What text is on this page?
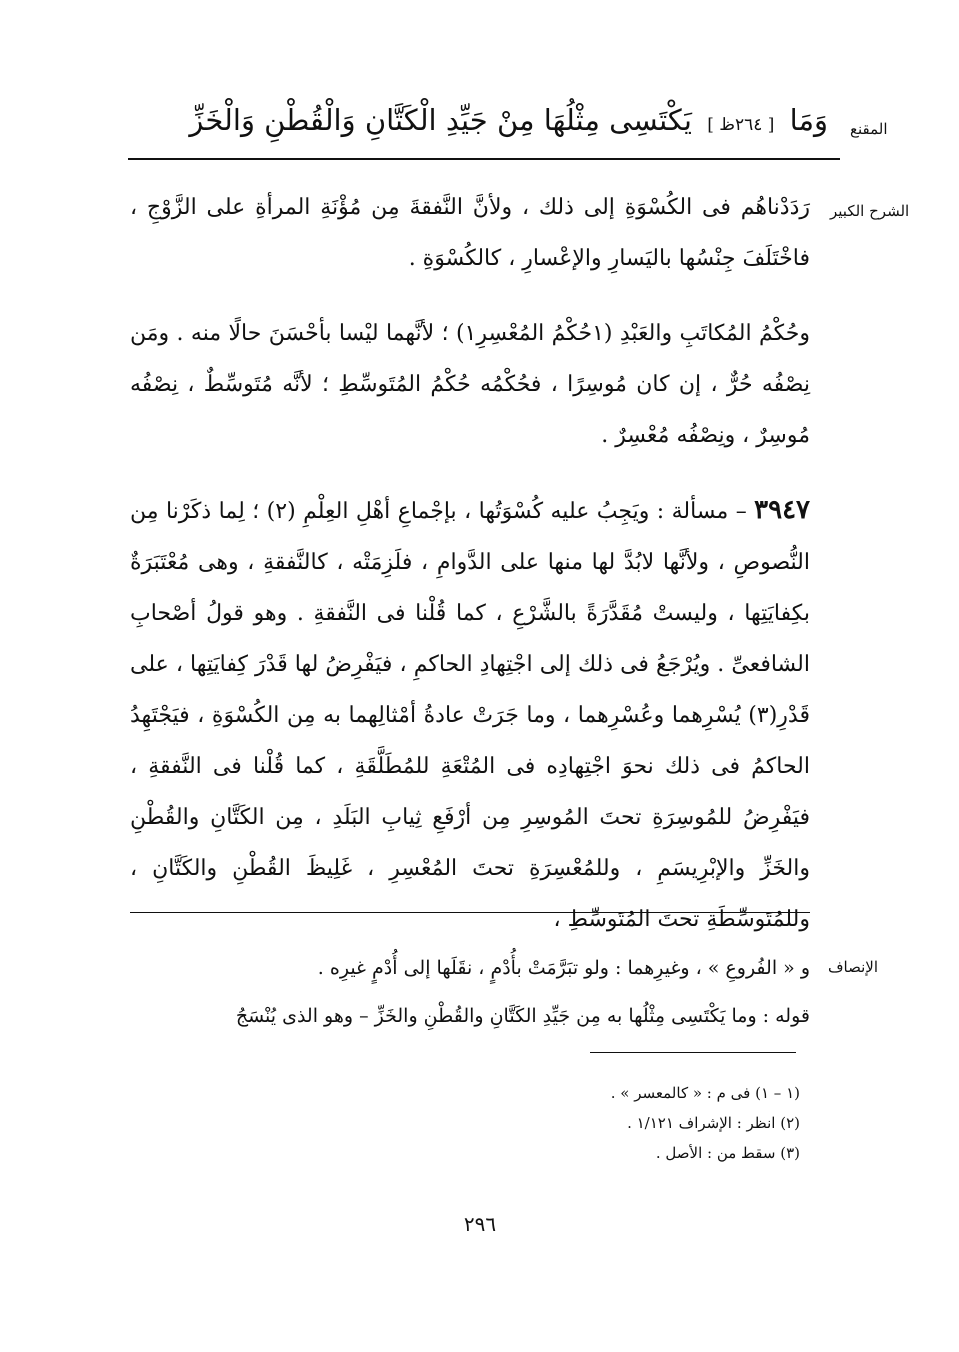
المقنع
وَمَا [ ٢٦٤ظ ] يَكْتَسِى مِثْلُهَا مِنْ جَيِّدِ الْكَتَّانِ وَالْقُطْنِ وَالْخَزِّ
الشرح الكبير

رَدَدْناهُم فى الكُسْوَةِ إلى ذلك ، ولأنَّ النَّفقةَ مِن مُؤْنَةِ المرأةِ على الزَّوْجِ ، فاخْتَلَفَ جِنْسُها باليَسارِ والإعْسارِ ، كالكُسْوَةِ .

وحُكْمُ المُكاتَبِ والعَبْدِ (١حُكْمُ المُعْسِرِ١) ؛ لأنَّهما ليْسا بأحْسَنَ حالًا منه . ومَن نِصْفُه حُرٌّ ، إن كان مُوسِرًا ، فحُكْمُه حُكْمُ المُتَوسِّطِ ؛ لأنَّه مُتَوسِّطٌ ، نِصْفُه مُوسِرٌ ، ونِصْفُه مُعْسِرٌ .

٣٩٤٧ – مسألة : ويَجِبُ عليه كُسْوَتُها ، بإجْماعِ أهْلِ العِلْمِ (٢) ؛ لِما ذكَرْنا مِن النُّصوصِ ، ولأنَّها لابُدَّ لها منها على الدَّوامِ ، فلَزِمَتْه ، كالنَّفقةِ ، وهى مُعْتَبَرَةٌ بكِفايَتِها ، وليستْ مُقَدَّرَةً بالشَّرْعِ ، كما قُلْنا فى النَّفقةِ . وهو قولُ أصْحابِ الشافعىِّ . ويُرْجَعُ فى ذلك إلى اجْتِهادِ الحاكمِ ، فيَفْرِضُ لها قَدْرَ كِفايَتِها ، على قَدْرِ(٣) يُسْرِهما وعُسْرِهما ، وما جَرَتْ عادةُ أمْثالِهما به مِن الكُسْوَةِ ، فيَجْتَهِدُ الحاكمُ فى ذلك نحوَ اجْتِهادِه فى المُتْعَةِ للمُطَلَّقَةِ ، كما قُلْنا فى النَّفقةِ ، فيَفْرِضُ للمُوسِرَةِ تحتَ المُوسِرِ مِن أرْفَعِ ثِيابِ البَلَدِ ، مِن الكَتَّانِ والقُطْنِ والخَزِّ والإبْرِيسَمِ ، وللمُعْسِرَةِ تحتَ المُعْسِرِ ، غَلِيظَ القُطْنِ والكَتَّانِ ، وللمُتَوسِّطَةِ تحتَ المُتَوسِّطِ ،

الإنصاف

و « الفُروعِ » ، وغيرِهما : ولو تبَرَّمَتْ بأُدْمٍ ، نقَلَها إلى أُدْمٍ غيرِه .

قوله : وما يَكْتَسِى مِثْلُها به مِن جَيِّدِ الكَتَّانِ والقُطْنِ والخَزِّ – وهو الذى يُنْسَجُ

(١ – ١) فى م : « كالمعسر » .
(٢) انظر : الإشراف ١/١٢١ .
(٣) سقط من : الأصل .
٢٩٦
